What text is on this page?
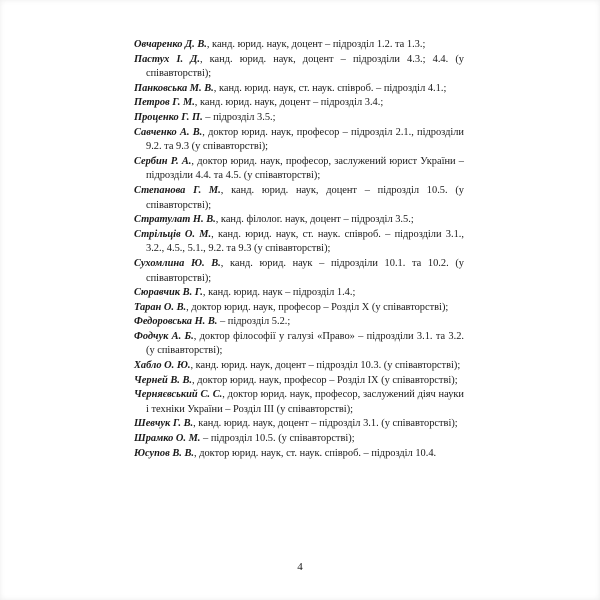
Овчаренко Д. В., канд. юрид. наук, доцент – підрозділ 1.2. та 1.3.;
Пастух І. Д., канд. юрид. наук, доцент – підрозділи 4.3.; 4.4. (у співавторстві);
Панковська М. В., канд. юрид. наук, ст. наук. співроб. – підрозділ 4.1.;
Петров Г. М., канд. юрид. наук, доцент – підрозділ 3.4.;
Проценко Г. П. – підрозділ 3.5.;
Савченко А. В., доктор юрид. наук, професор – підрозділ 2.1., підрозділи 9.2. та 9.3 (у співавторстві);
Сербин Р. А., доктор юрид. наук, професор, заслужений юрист України – підрозділи 4.4. та 4.5. (у співавторстві);
Степанова Г. М., канд. юрид. наук, доцент – підрозділ 10.5. (у співавторстві);
Стратулат Н. В., канд. філолог. наук, доцент – підрозділ 3.5.;
Стрільців О. М., канд. юрид. наук, ст. наук. співроб. – підрозділи 3.1., 3.2., 4.5., 5.1., 9.2. та 9.3 (у співавторстві);
Сухомлина Ю. В., канд. юрид. наук – підрозділи 10.1. та 10.2. (у співавторстві);
Сюравчик В. Г., канд. юрид. наук – підрозділ 1.4.;
Таран О. В., доктор юрид. наук, професор – Розділ X (у співавторстві);
Федоровська Н. В. – підрозділ 5.2.;
Фодчук А. Б., доктор філософії у галузі «Право» – підрозділи 3.1. та 3.2. (у співавторстві);
Хабло О. Ю., канд. юрид. наук, доцент – підрозділ 10.3. (у співавторстві);
Черней В. В., доктор юрид. наук, професор – Розділ IX (у співавторстві);
Черняєвський С. С., доктор юрид. наук, професор, заслужений діяч науки і техніки України – Розділ III (у співавторстві);
Шевчук Г. В., канд. юрид. наук, доцент – підрозділ 3.1. (у співавторстві);
Шрамко О. М. – підрозділ 10.5. (у співавторстві);
Юсупов В. В., доктор юрид. наук, ст. наук. співроб. – підрозділ 10.4.
4
